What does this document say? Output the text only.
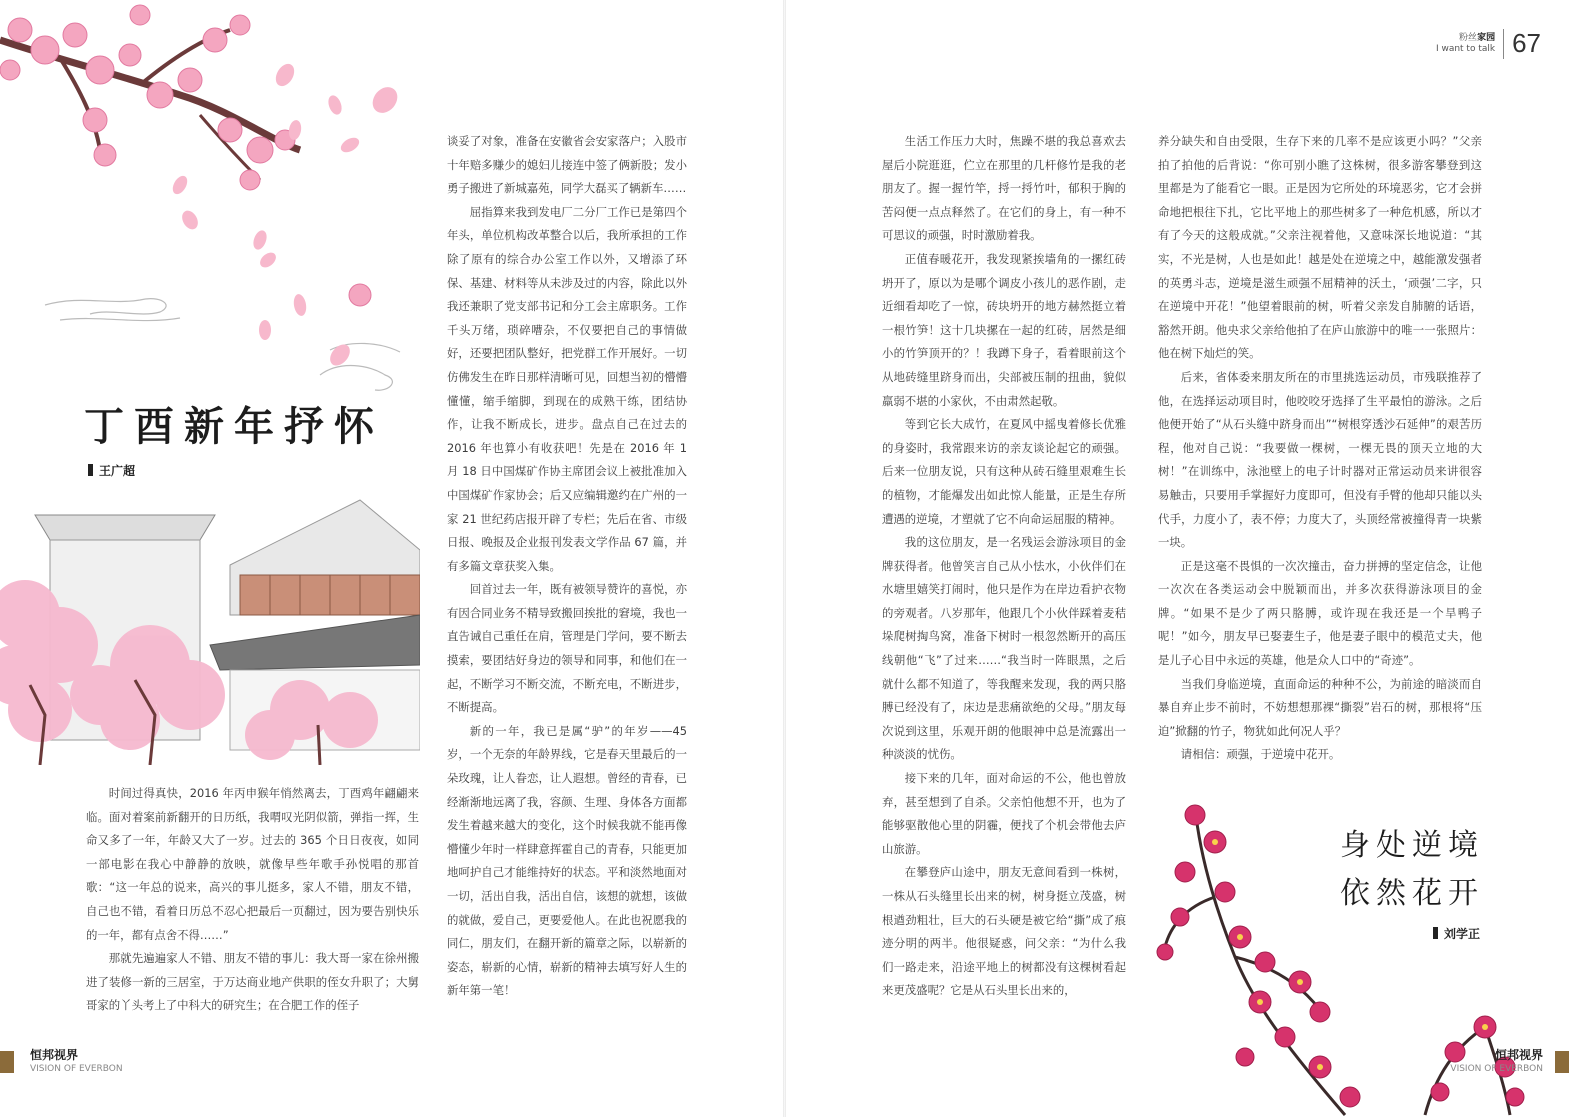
丁酉新年抒怀
王广超

时间过得真快，2016 年丙申猴年悄然离去，丁酉鸡年翩翩来临。面对着案前新翻开的日历纸，我喟叹光阴似箭，弹指一挥，生命又多了一年，年龄又大了一岁。过去的 365 个日日夜夜，如同一部电影在我心中静静的放映，就像早些年歌手孙悦唱的那首歌：“这一年总的说来，高兴的事儿挺多，家人不错，朋友不错，自己也不错，看着日历总不忍心把最后一页翻过，因为要告别快乐的一年，都有点舍不得……”

那就先遍遍家人不错、朋友不错的事儿：我大哥一家在徐州搬进了装修一新的三居室，于万达商业地产供职的侄女升职了；大舅哥家的丫头考上了中科大的研究生；在合肥工作的侄子

谈妥了对象，准备在安徽省会安家落户；入股市十年赔多赚少的媳妇儿接连中签了俩新股；发小勇子搬进了新城嘉苑，同学大磊买了辆新车……

屈指算来我到发电厂二分厂工作已是第四个年头，单位机构改革整合以后，我所承担的工作除了原有的综合办公室工作以外，又增添了环保、基建、材料等从未涉及过的内容，除此以外我还兼职了党支部书记和分工会主席职务。工作千头万绪，琐碎嘈杂，不仅要把自己的事情做好，还要把团队整好，把党群工作开展好。一切仿佛发生在昨日那样清晰可见，回想当初的懵懵懂懂，缩手缩脚，到现在的成熟干练，团结协作，让我不断成长，进步。盘点自己在过去的 2016 年也算小有收获吧！先是在 2016 年 1 月 18 日中国煤矿作协主席团会议上被批准加入中国煤矿作家协会；后又应编辑邀约在广州的一家 21 世纪药店报开辟了专栏；先后在省、市级日报、晚报及企业报刊发表文学作品 67 篇，并有多篇文章获奖入集。

回首过去一年，既有被领导赞许的喜悦，亦有因合同业务不精导致搬回挨批的窘境，我也一直告诫自己重任在肩，管理是门学问，要不断去摸索，要团结好身边的领导和同事，和他们在一起，不断学习不断交流，不断充电，不断进步，不断提高。

新的一年，我已是属“驴”的年岁——45 岁，一个无奈的年龄界线，它是春天里最后的一朵玫瑰，让人眷恋，让人遐想。曾经的青春，已经渐渐地远离了我，容颜、生理、身体各方面都发生着越来越大的变化，这个时候我就不能再像懵懂少年时一样肆意挥霍自己的青春，只能更加地呵护自己才能维持好的状态。平和淡然地面对一切，活出自我，活出自信，该想的就想，该做的就做，爱自己，更要爱他人。在此也祝愿我的同仁，朋友们，在翻开新的篇章之际，以崭新的姿态，崭新的心情，崭新的精神去填写好人生的新年第一笔！

恒邦视界
VISION OF EVERBON
粉丝家园
I want to talk 67

生活工作压力大时，焦躁不堪的我总喜欢去屋后小院逛逛，伫立在那里的几杆修竹是我的老朋友了。握一握竹竿，捋一捋竹叶，郁积于胸的苦闷便一点点释然了。在它们的身上，有一种不可思议的顽强，时时激励着我。

正值春暖花开，我发现紧挨墙角的一摞红砖坍开了，原以为是哪个调皮小孩儿的恶作剧，走近细看却吃了一惊，砖块坍开的地方赫然挺立着一根竹笋！这十几块摞在一起的红砖，居然是细小的竹笋顶开的？！我蹲下身子，看着眼前这个从地砖缝里跻身而出，尖部被压制的扭曲，貌似羸弱不堪的小家伙，不由肃然起敬。

等到它长大成竹，在夏风中摇曳着修长优雅的身姿时，我常跟来访的亲友谈论起它的顽强。后来一位朋友说，只有这种从砖石缝里艰难生长的植物，才能爆发出如此惊人能量，正是生存所遭遇的逆境，才塑就了它不向命运屈服的精神。

我的这位朋友，是一名残运会游泳项目的金牌获得者。他曾笑言自己从小怯水，小伙伴们在水塘里嬉笑打闹时，他只是作为在岸边看护衣物的旁观者。八岁那年，他跟几个小伙伴踩着麦秸垛爬树掏鸟窝，准备下树时一根忽然断开的高压线朝他“飞”了过来……“我当时一阵眼黑，之后就什么都不知道了，等我醒来发现，我的两只胳膊已经没有了，床边是悲痛欲绝的父母。”朋友每次说到这里，乐观开朗的他眼神中总是流露出一种淡淡的忧伤。

接下来的几年，面对命运的不公，他也曾放弃，甚至想到了自杀。父亲怕他想不开，也为了能够驱散他心里的阴霾，便找了个机会带他去庐山旅游。

在攀登庐山途中，朋友无意间看到一株树，一株从石头缝里长出来的树，树身挺立茂盛，树根遒劲粗壮，巨大的石头硬是被它给“撕”成了痕迹分明的两半。他很疑惑，问父亲：“为什么我们一路走来，沿途平地上的树都没有这棵树看起来更茂盛呢？它是从石头里长出来的，

养分缺失和自由受限，生存下来的几率不是应该更小吗？”父亲拍了拍他的后背说：“你可别小瞧了这株树，很多游客攀登到这里都是为了能看它一眼。正是因为它所处的环境恶劣，它才会拼命地把根往下扎，它比平地上的那些树多了一种危机感，所以才有了今天的这般成就。”父亲注视着他，又意味深长地说道：“其实，不光是树，人也是如此！越是处在逆境之中，越能激发强者的英勇斗志，逆境是滋生顽强不屈精神的沃土，‘顽强’二字，只在逆境中开花！”他望着眼前的树，听着父亲发自肺腑的话语，豁然开朗。他央求父亲给他拍了在庐山旅游中的唯一一张照片：他在树下灿烂的笑。

后来，省体委来朋友所在的市里挑选运动员，市残联推荐了他，在选择运动项目时，他咬咬牙选择了生平最怕的游泳。之后他便开始了“从石头缝中跻身而出”“树根穿透沙石延伸”的艰苦历程，他对自己说：“我要做一棵树，一棵无畏的顶天立地的大树！”在训练中，泳池壁上的电子计时器对正常运动员来讲很容易触击，只要用手掌握好力度即可，但没有手臂的他却只能以头代手，力度小了，表不停；力度大了，头顶经常被撞得青一块紫一块。

正是这毫不畏惧的一次次撞击，奋力拼搏的坚定信念，让他一次次在各类运动会中脱颖而出，并多次获得游泳项目的金牌。“如果不是少了两只胳膊，或许现在我还是一个旱鸭子呢！”如今，朋友早已娶妻生子，他是妻子眼中的模范丈夫，他是儿子心目中永远的英雄，他是众人口中的“奇迹”。

当我们身临逆境，直面命运的种种不公，为前途的暗淡而自暴自弃止步不前时，不妨想想那裸“撕裂”岩石的树，那根将“压迫”掀翻的竹子，物犹如此何况人乎？

请相信：顽强，于逆境中花开。

身处逆境
依然花开
刘学正
恒邦视界
VISION OF EVERBON
